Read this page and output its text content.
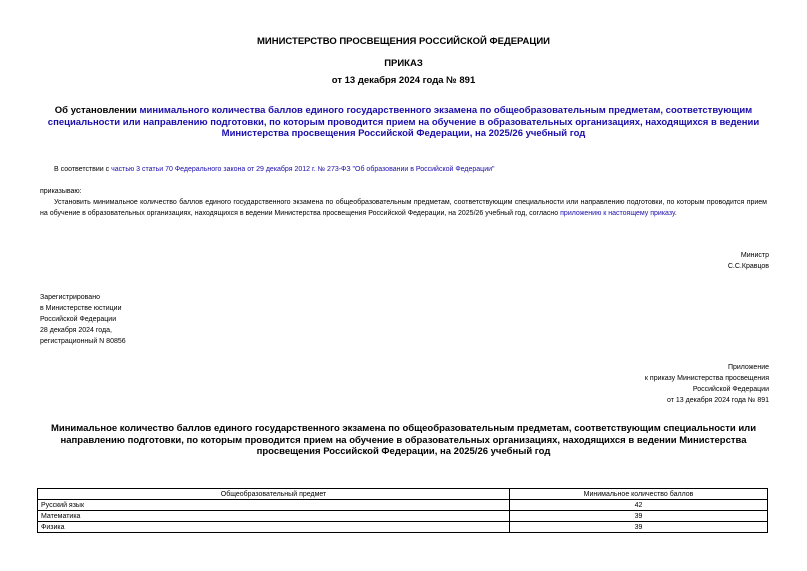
МИНИСТЕРСТВО ПРОСВЕЩЕНИЯ РОССИЙСКОЙ ФЕДЕРАЦИИ
ПРИКАЗ
от 13 декабря 2024 года № 891
Об установлении минимального количества баллов единого государственного экзамена по общеобразовательным предметам, соответствующим специальности или направлению подготовки, по которым проводится прием на обучение в образовательных организациях, находящихся в ведении Министерства просвещения Российской Федерации, на 2025/26 учебный год
В соответствии с частью 3 статьи 70 Федерального закона от 29 декабря 2012 г. № 273-ФЗ "Об образовании в Российской Федерации"
приказываю:
Установить минимальное количество баллов единого государственного экзамена по общеобразовательным предметам, соответствующим специальности или направлению подготовки, по которым проводится прием на обучение в образовательных организациях, находящихся в ведении Министерства просвещения Российской Федерации, на 2025/26 учебный год, согласно приложению к настоящему приказу.
Министр
С.С.Кравцов
Зарегистрировано
в Министерстве юстиции
Российской Федерации
28 декабря 2024 года,
регистрационный N 80856
Приложение
к приказу Министерства просвещения
Российской Федерации
от 13 декабря 2024 года № 891
Минимальное количество баллов единого государственного экзамена по общеобразовательным предметам, соответствующим специальности или направлению подготовки, по которым проводится прием на обучение в образовательных организациях, находящихся в ведении Министерства просвещения Российской Федерации, на 2025/26 учебный год
Общеобразовательный предмет	Минимальное количество баллов
Русский язык	42
Математика	39
Физика	39
